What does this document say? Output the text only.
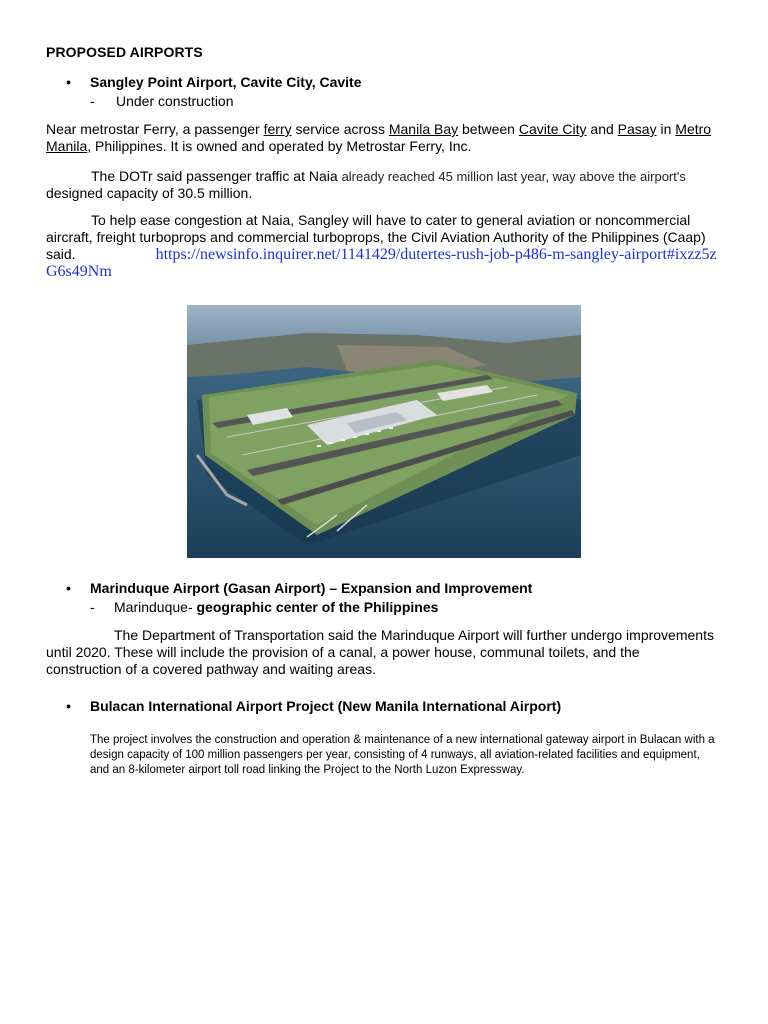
PROPOSED AIRPORTS
• Sangley Point Airport, Cavite City, Cavite
- Under construction
Near metrostar Ferry, a passenger ferry service across Manila Bay between Cavite City and Pasay in Metro
Manila, Philippines. It is owned and operated by Metrostar Ferry, Inc.
The DOTr said passenger traffic at Naia already reached 45 million last year, way above the airport's
designed capacity of 30.5 million.
To help ease congestion at Naia, Sangley will have to cater to general aviation or noncommercial aircraft, freight turboprops and commercial turboprops, the Civil Aviation Authority of the Philippines (Caap) said.	https://newsinfo.inquirer.net/1141429/dutertes-rush-job-p486-m-sangley-airport#ixzz5zG6s49Nm
• Marinduque Airport (Gasan Airport) – Expansion and Improvement
- Marinduque- geographic center of the Philippines
The Department of Transportation said the Marinduque Airport will further undergo improvements until 2020. These will include the provision of a canal, a power house, communal toilets, and the construction of a covered pathway and waiting areas.
• Bulacan International Airport Project (New Manila International Airport)
The project involves the construction and operation & maintenance of a new international gateway airport in Bulacan with a design capacity of 100 million passengers per year, consisting of 4 runways, all aviation-related facilities and equipment, and an 8-kilometer airport toll road linking the Project to the North Luzon Expressway.
